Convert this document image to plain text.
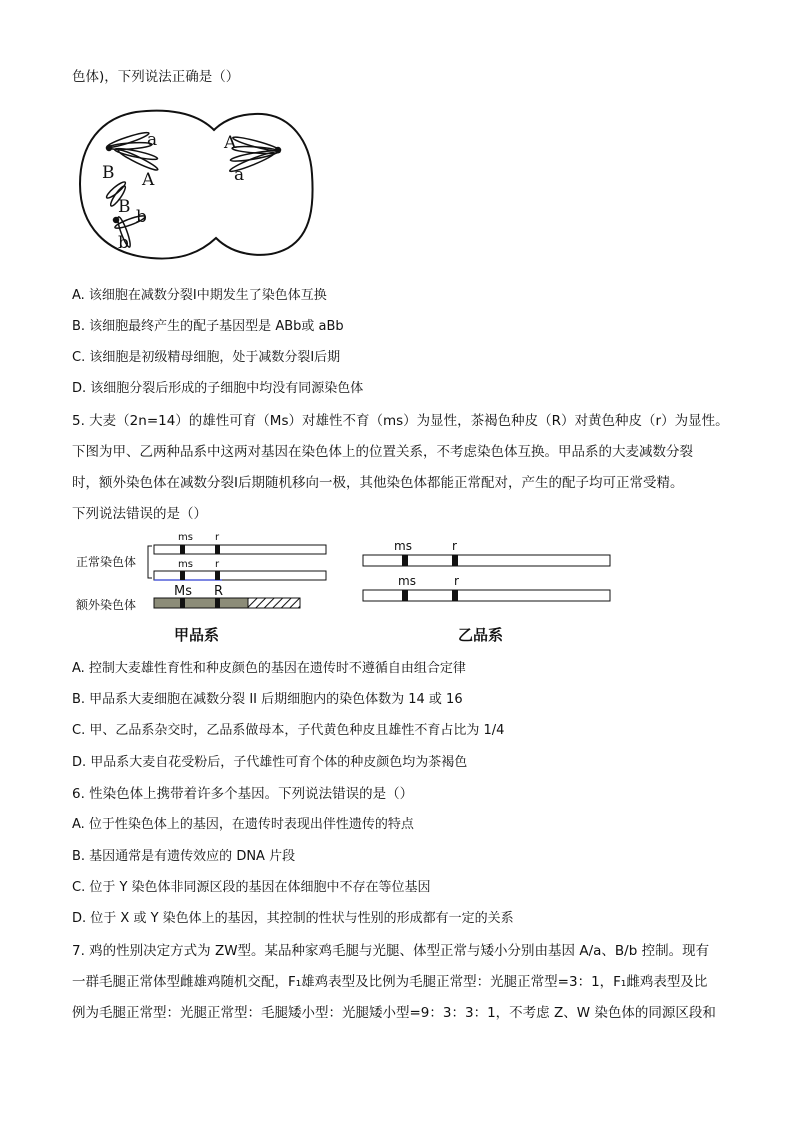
色体)，下列说法正确是（）
a
A
B
A
B b
b
a
A. 该细胞在减数分裂Ⅰ中期发生了染色体互换
B. 该细胞最终产生的配子基因型是 ABb或 aBb
C. 该细胞是初级精母细胞，处于减数分裂Ⅰ后期
D. 该细胞分裂后形成的子细胞中均没有同源染色体
5. 大麦（2n=14）的雄性可育（Ms）对雄性不育（ms）为显性，茶褐色种皮（R）对黄色种皮（r）为显性。
下图为甲、乙两种品系中这两对基因在染色体上的位置关系，不考虑染色体互换。甲品系的大麦减数分裂
时，额外染色体在减数分裂Ⅰ后期随机移向一极，其他染色体都能正常配对，产生的配子均可正常受精。
下列说法错误的是（）
正常染色体
额外染色体
ms r
ms r
Ms R
ms	r
ms	r
甲品系	乙品系
A. 控制大麦雄性育性和种皮颜色的基因在遗传时不遵循自由组合定律
B. 甲品系大麦细胞在减数分裂 II 后期细胞内的染色体数为 14 或 16
C. 甲、乙品系杂交时，乙品系做母本，子代黄色种皮且雄性不育占比为 1/4
D. 甲品系大麦自花受粉后，子代雄性可育个体的种皮颜色均为茶褐色
6. 性染色体上携带着许多个基因。下列说法错误的是（）
A. 位于性染色体上的基因，在遗传时表现出伴性遗传的特点
B. 基因通常是有遗传效应的 DNA 片段
C. 位于 Y 染色体非同源区段的基因在体细胞中不存在等位基因
D. 位于 X 或 Y 染色体上的基因，其控制的性状与性别的形成都有一定的关系
7. 鸡的性别决定方式为 ZW型。某品种家鸡毛腿与光腿、体型正常与矮小分别由基因 A/a、B/b 控制。现有
一群毛腿正常体型雌雄鸡随机交配，F₁雄鸡表型及比例为毛腿正常型：光腿正常型=3：1，F₁雌鸡表型及比
例为毛腿正常型：光腿正常型：毛腿矮小型：光腿矮小型=9：3：3：1，不考虑 Z、W 染色体的同源区段和
